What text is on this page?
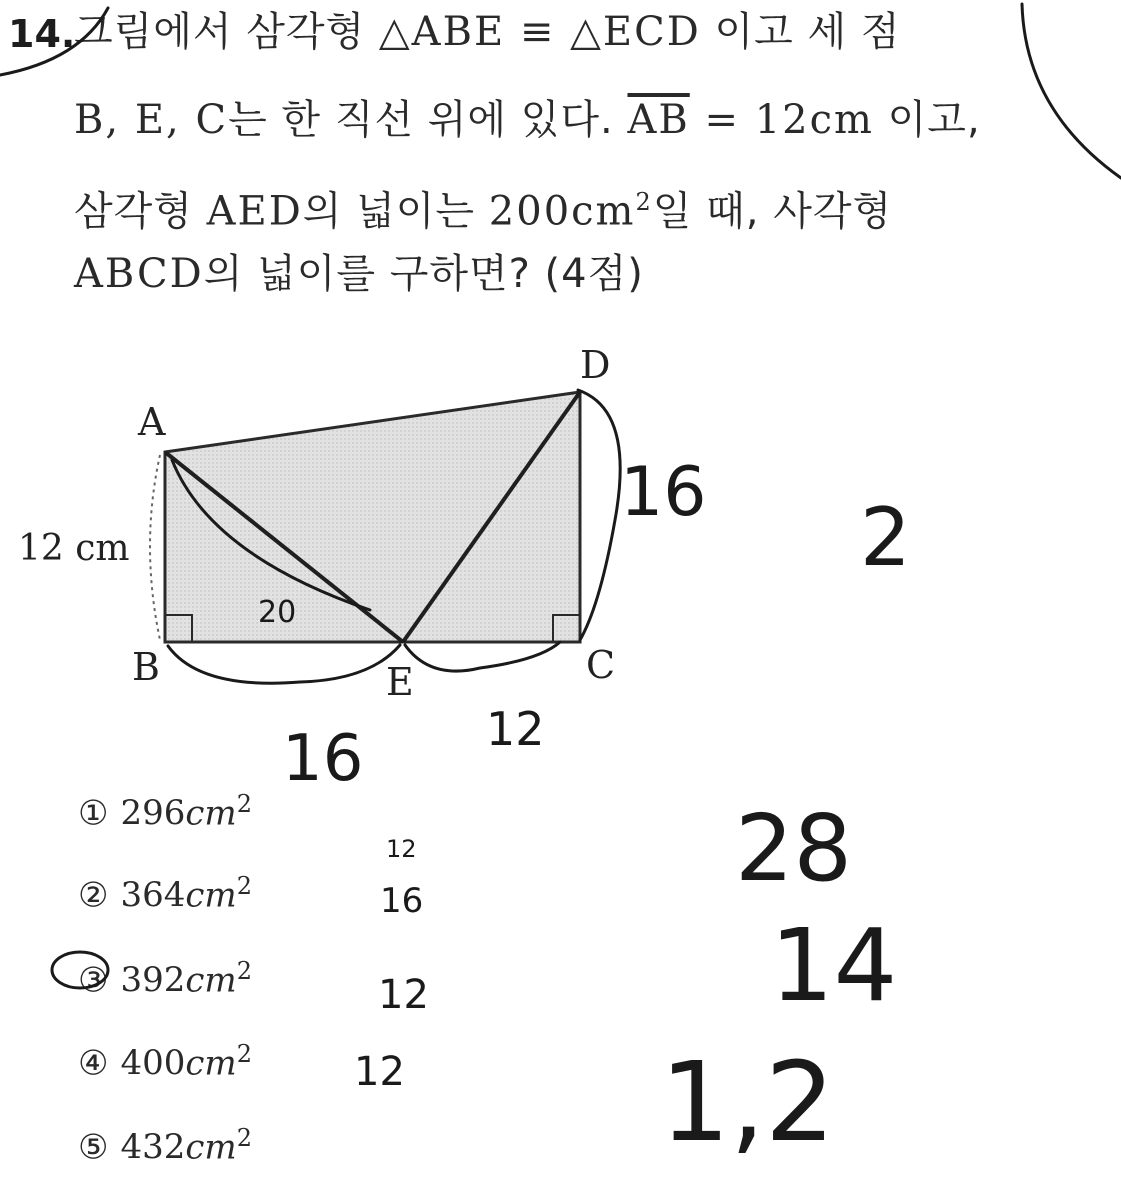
14.
그림에서 삼각형 △ABE ≡ △ECD 이고 세 점
B, E, C는 한 직선 위에 있다. $\overline{AB} = 12cm$ 이고,
삼각형 AED의 넓이는 $200cm^2$일 때, 사각형
ABCD의 넓이를 구하면? (4점)
A
D
B	E	C
12 cm
① $296cm^2$
② $364cm^2$
③ $392cm^2$
④ $400cm^2$
⑤ $432cm^2$
16 2
16	12
20
12
16
12
12
28
14
1,2
